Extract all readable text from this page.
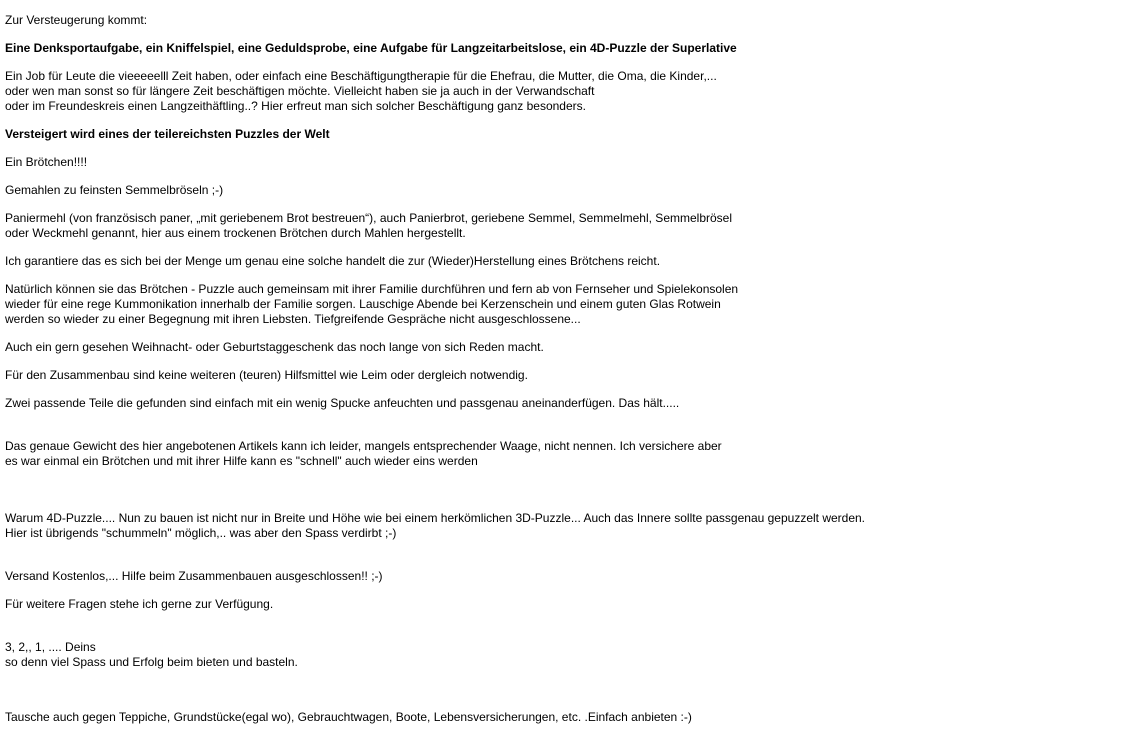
Zur Versteugerung kommt:

Eine Denksportaufgabe, ein Kniffelspiel, eine Geduldsprobe, eine Aufgabe für Langzeitarbeitslose, ein 4D-Puzzle der Superlative

Ein Job für Leute die vieeeeelll Zeit haben, oder einfach eine Beschäftigungtherapie für die Ehefrau, die Mutter, die Oma, die Kinder,...

oder wen man sonst so für längere Zeit beschäftigen möchte. Vielleicht haben sie ja auch in der Verwandschaft

oder im Freundeskreis einen Langzeithäftling..? Hier erfreut man sich solcher Beschäftigung ganz besonders.

Versteigert wird eines der teilereichsten Puzzles der Welt

Ein Brötchen!!!!

Gemahlen zu feinsten Semmelbröseln ;-)

Paniermehl (von französisch paner, „mit geriebenem Brot bestreuen“), auch Panierbrot, geriebene Semmel, Semmelmehl, Semmelbrösel

oder Weckmehl genannt, hier aus einem trockenen Brötchen durch Mahlen hergestellt.

Ich garantiere das es sich bei der Menge um genau eine solche handelt die zur (Wieder)Herstellung eines Brötchens reicht.

Natürlich können sie das Brötchen - Puzzle auch gemeinsam mit ihrer Familie durchführen und fern ab von Fernseher und Spielekonsolen

wieder für eine rege Kummonikation innerhalb der Familie sorgen. Lauschige Abende bei Kerzenschein und einem guten Glas Rotwein

werden so wieder zu einer Begegnung mit ihren Liebsten. Tiefgreifende Gespräche nicht ausgeschlossene...

Auch ein gern gesehen Weihnacht- oder Geburtstaggeschenk das noch lange von sich Reden macht.

Für den Zusammenbau sind keine weiteren (teuren) Hilfsmittel wie Leim oder dergleich notwendig.

Zwei passende Teile die gefunden sind einfach mit ein wenig Spucke anfeuchten und passgenau aneinanderfügen. Das hält.....

Das genaue Gewicht des hier angebotenen Artikels kann ich leider, mangels entsprechender Waage, nicht nennen. Ich versichere aber

es war einmal ein Brötchen und mit ihrer Hilfe kann es "schnell" auch wieder eins werden

Warum 4D-Puzzle.... Nun zu bauen ist nicht nur in Breite und Höhe wie bei einem herkömlichen 3D-Puzzle... Auch das Innere sollte passgenau gepuzzelt werden.

Hier ist übrigends "schummeln" möglich,.. was aber den Spass verdirbt ;-)

Versand Kostenlos,... Hilfe beim Zusammenbauen ausgeschlossen!! ;-)

Für weitere Fragen stehe ich gerne zur Verfügung.

3, 2,, 1, .... Deins

so denn viel Spass und Erfolg beim bieten und basteln.

Tausche auch gegen Teppiche, Grundstücke(egal wo), Gebrauchtwagen, Boote, Lebensversicherungen, etc. .Einfach anbieten :-)
